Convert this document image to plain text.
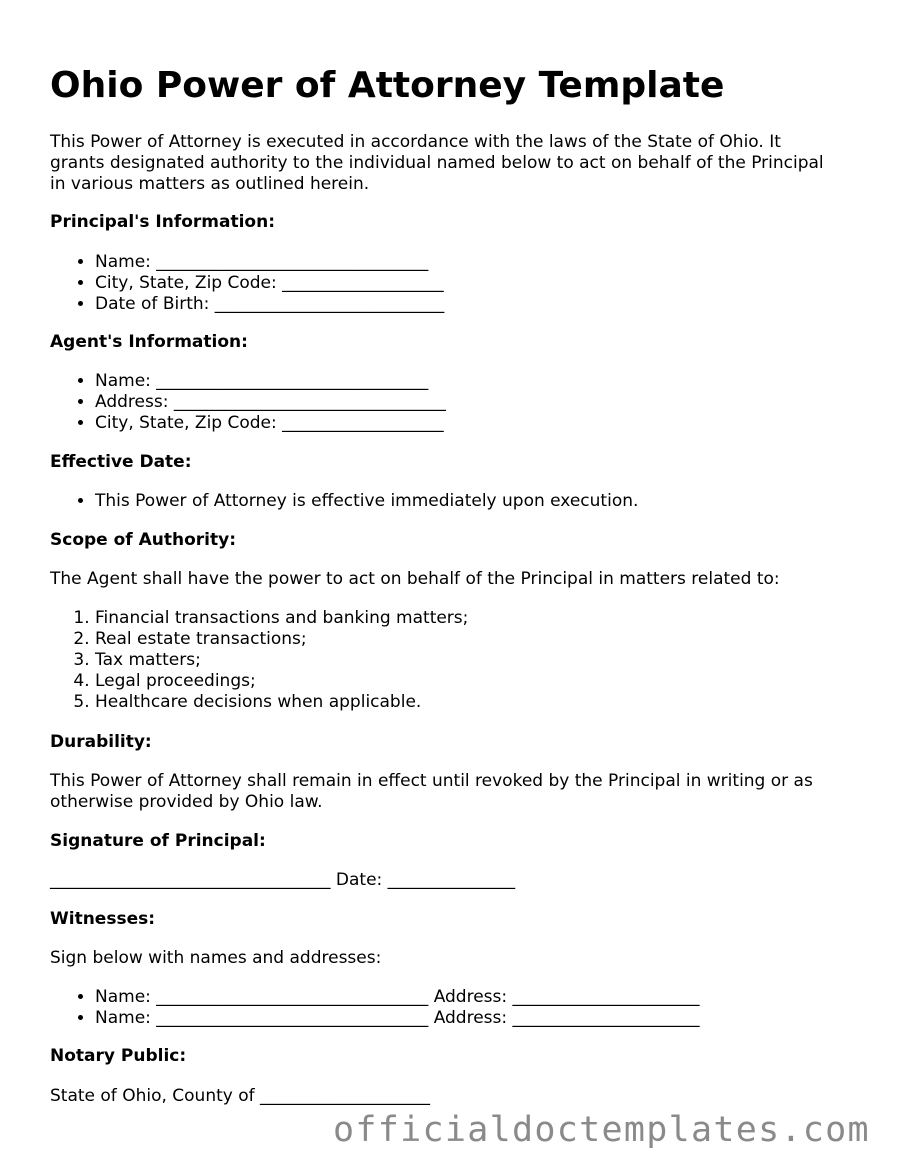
Ohio Power of Attorney Template
This Power of Attorney is executed in accordance with the laws of the State of Ohio. It
grants designated authority to the individual named below to act on behalf of the Principal
in various matters as outlined herein.
Principal's Information:
• Name: ________________________________
• City, State, Zip Code: ___________________
• Date of Birth: ___________________________
Agent's Information:
• Name: ________________________________
• Address: ________________________________
• City, State, Zip Code: ___________________
Effective Date:
• This Power of Attorney is effective immediately upon execution.
Scope of Authority:
The Agent shall have the power to act on behalf of the Principal in matters related to:
1. Financial transactions and banking matters;
2. Real estate transactions;
3. Tax matters;
4. Legal proceedings;
5. Healthcare decisions when applicable.
Durability:
This Power of Attorney shall remain in effect until revoked by the Principal in writing or as
otherwise provided by Ohio law.
Signature of Principal:
_________________________________ Date: _______________
Witnesses:
Sign below with names and addresses:
• Name: ________________________________ Address: ______________________
• Name: ________________________________ Address: ______________________
Notary Public:
State of Ohio, County of ____________________
officialdoctemplates.com
